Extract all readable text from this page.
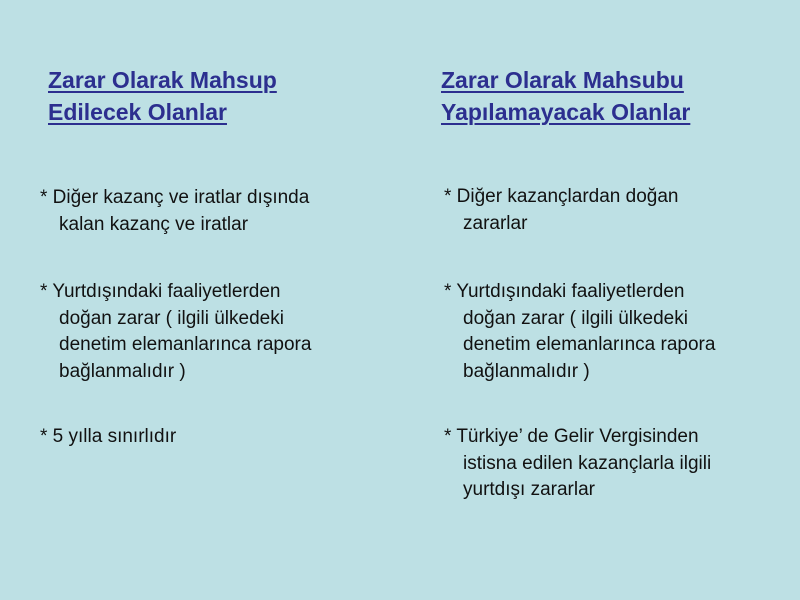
Zarar Olarak Mahsup
Edilecek Olanlar
Zarar Olarak Mahsubu
Yapılamayacak Olanlar
* Diğer kazanç ve iratlar dışında
kalan kazanç ve iratlar
* Yurtdışındaki faaliyetlerden
doğan zarar ( ilgili ülkedeki
denetim elemanlarınca rapora
bağlanmalıdır )
* 5 yılla sınırlıdır
* Diğer kazançlardan doğan
zararlar
* Yurtdışındaki faaliyetlerden
doğan zarar ( ilgili ülkedeki
denetim elemanlarınca rapora
bağlanmalıdır )
* Türkiye’ de Gelir Vergisinden
istisna edilen kazançlarla ilgili
yurtdışı zararlar
